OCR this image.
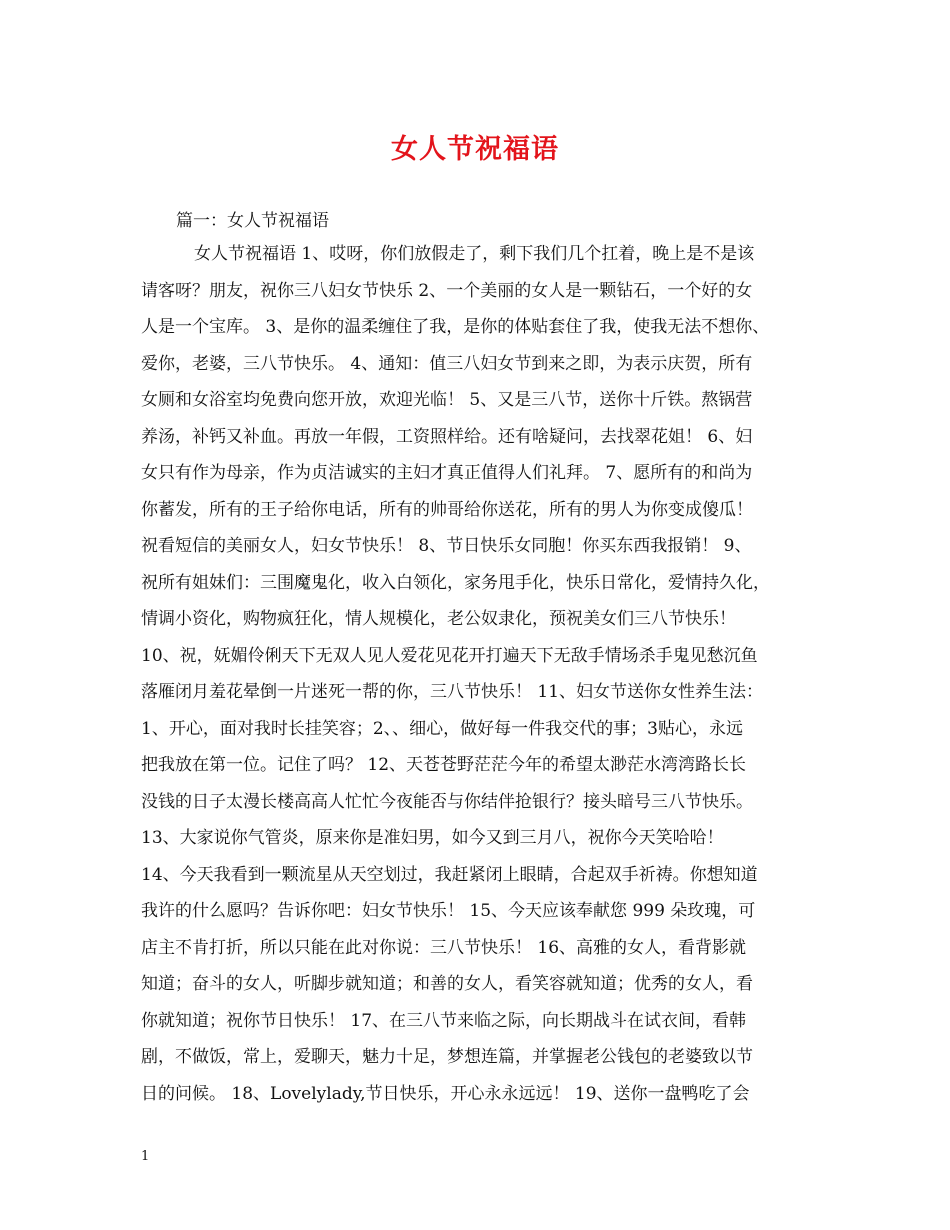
女人节祝福语
篇一：女人节祝福语
女人节祝福语 1、哎呀，你们放假走了，剩下我们几个扛着，晚上是不是该
请客呀？朋友，祝你三八妇女节快乐 2、一个美丽的女人是一颗钻石，一个好的女
人是一个宝库。 3、是你的温柔缠住了我，是你的体贴套住了我，使我无法不想你、
爱你，老婆，三八节快乐。 4、通知：值三八妇女节到来之即，为表示庆贺，所有
女厕和女浴室均免费向您开放，欢迎光临！ 5、又是三八节，送你十斤铁。熬锅营
养汤，补钙又补血。再放一年假，工资照样给。还有啥疑问，去找翠花姐！ 6、妇
女只有作为母亲，作为贞洁诚实的主妇才真正值得人们礼拜。 7、愿所有的和尚为
你蓄发，所有的王子给你电话，所有的帅哥给你送花，所有的男人为你变成傻瓜！
祝看短信的美丽女人，妇女节快乐！ 8、节日快乐女同胞！你买东西我报销！ 9、
祝所有姐妹们：三围魔鬼化，收入白领化，家务甩手化，快乐日常化，爱情持久化，
情调小资化，购物疯狂化，情人规模化，老公奴隶化，预祝美女们三八节快乐！
10、祝，妩媚伶俐天下无双人见人爱花见花开打遍天下无敌手情场杀手鬼见愁沉鱼
落雁闭月羞花晕倒一片迷死一帮的你，三八节快乐！ 11、妇女节送你女性养生法：
1、开心，面对我时长挂笑容；2、、细心，做好每一件我交代的事；3贴心，永远
把我放在第一位。记住了吗？ 12、天苍苍野茫茫今年的希望太渺茫水湾湾路长长
没钱的日子太漫长楼高高人忙忙今夜能否与你结伴抢银行？接头暗号三八节快乐。
13、大家说你气管炎，原来你是准妇男，如今又到三月八，祝你今天笑哈哈！
14、今天我看到一颗流星从天空划过，我赶紧闭上眼睛，合起双手祈祷。你想知道
我许的什么愿吗？告诉你吧：妇女节快乐！ 15、今天应该奉献您 999 朵玫瑰，可
店主不肯打折，所以只能在此对你说：三八节快乐！ 16、高雅的女人，看背影就
知道；奋斗的女人，听脚步就知道；和善的女人，看笑容就知道；优秀的女人，看
你就知道；祝你节日快乐！ 17、在三八节来临之际，向长期战斗在试衣间，看韩
剧，不做饭，常上，爱聊天，魅力十足，梦想连篇，并掌握老公钱包的老婆致以节
日的问候。 18、Lovelylady,节日快乐，开心永永远远！ 19、送你一盘鸭吃了会
1
